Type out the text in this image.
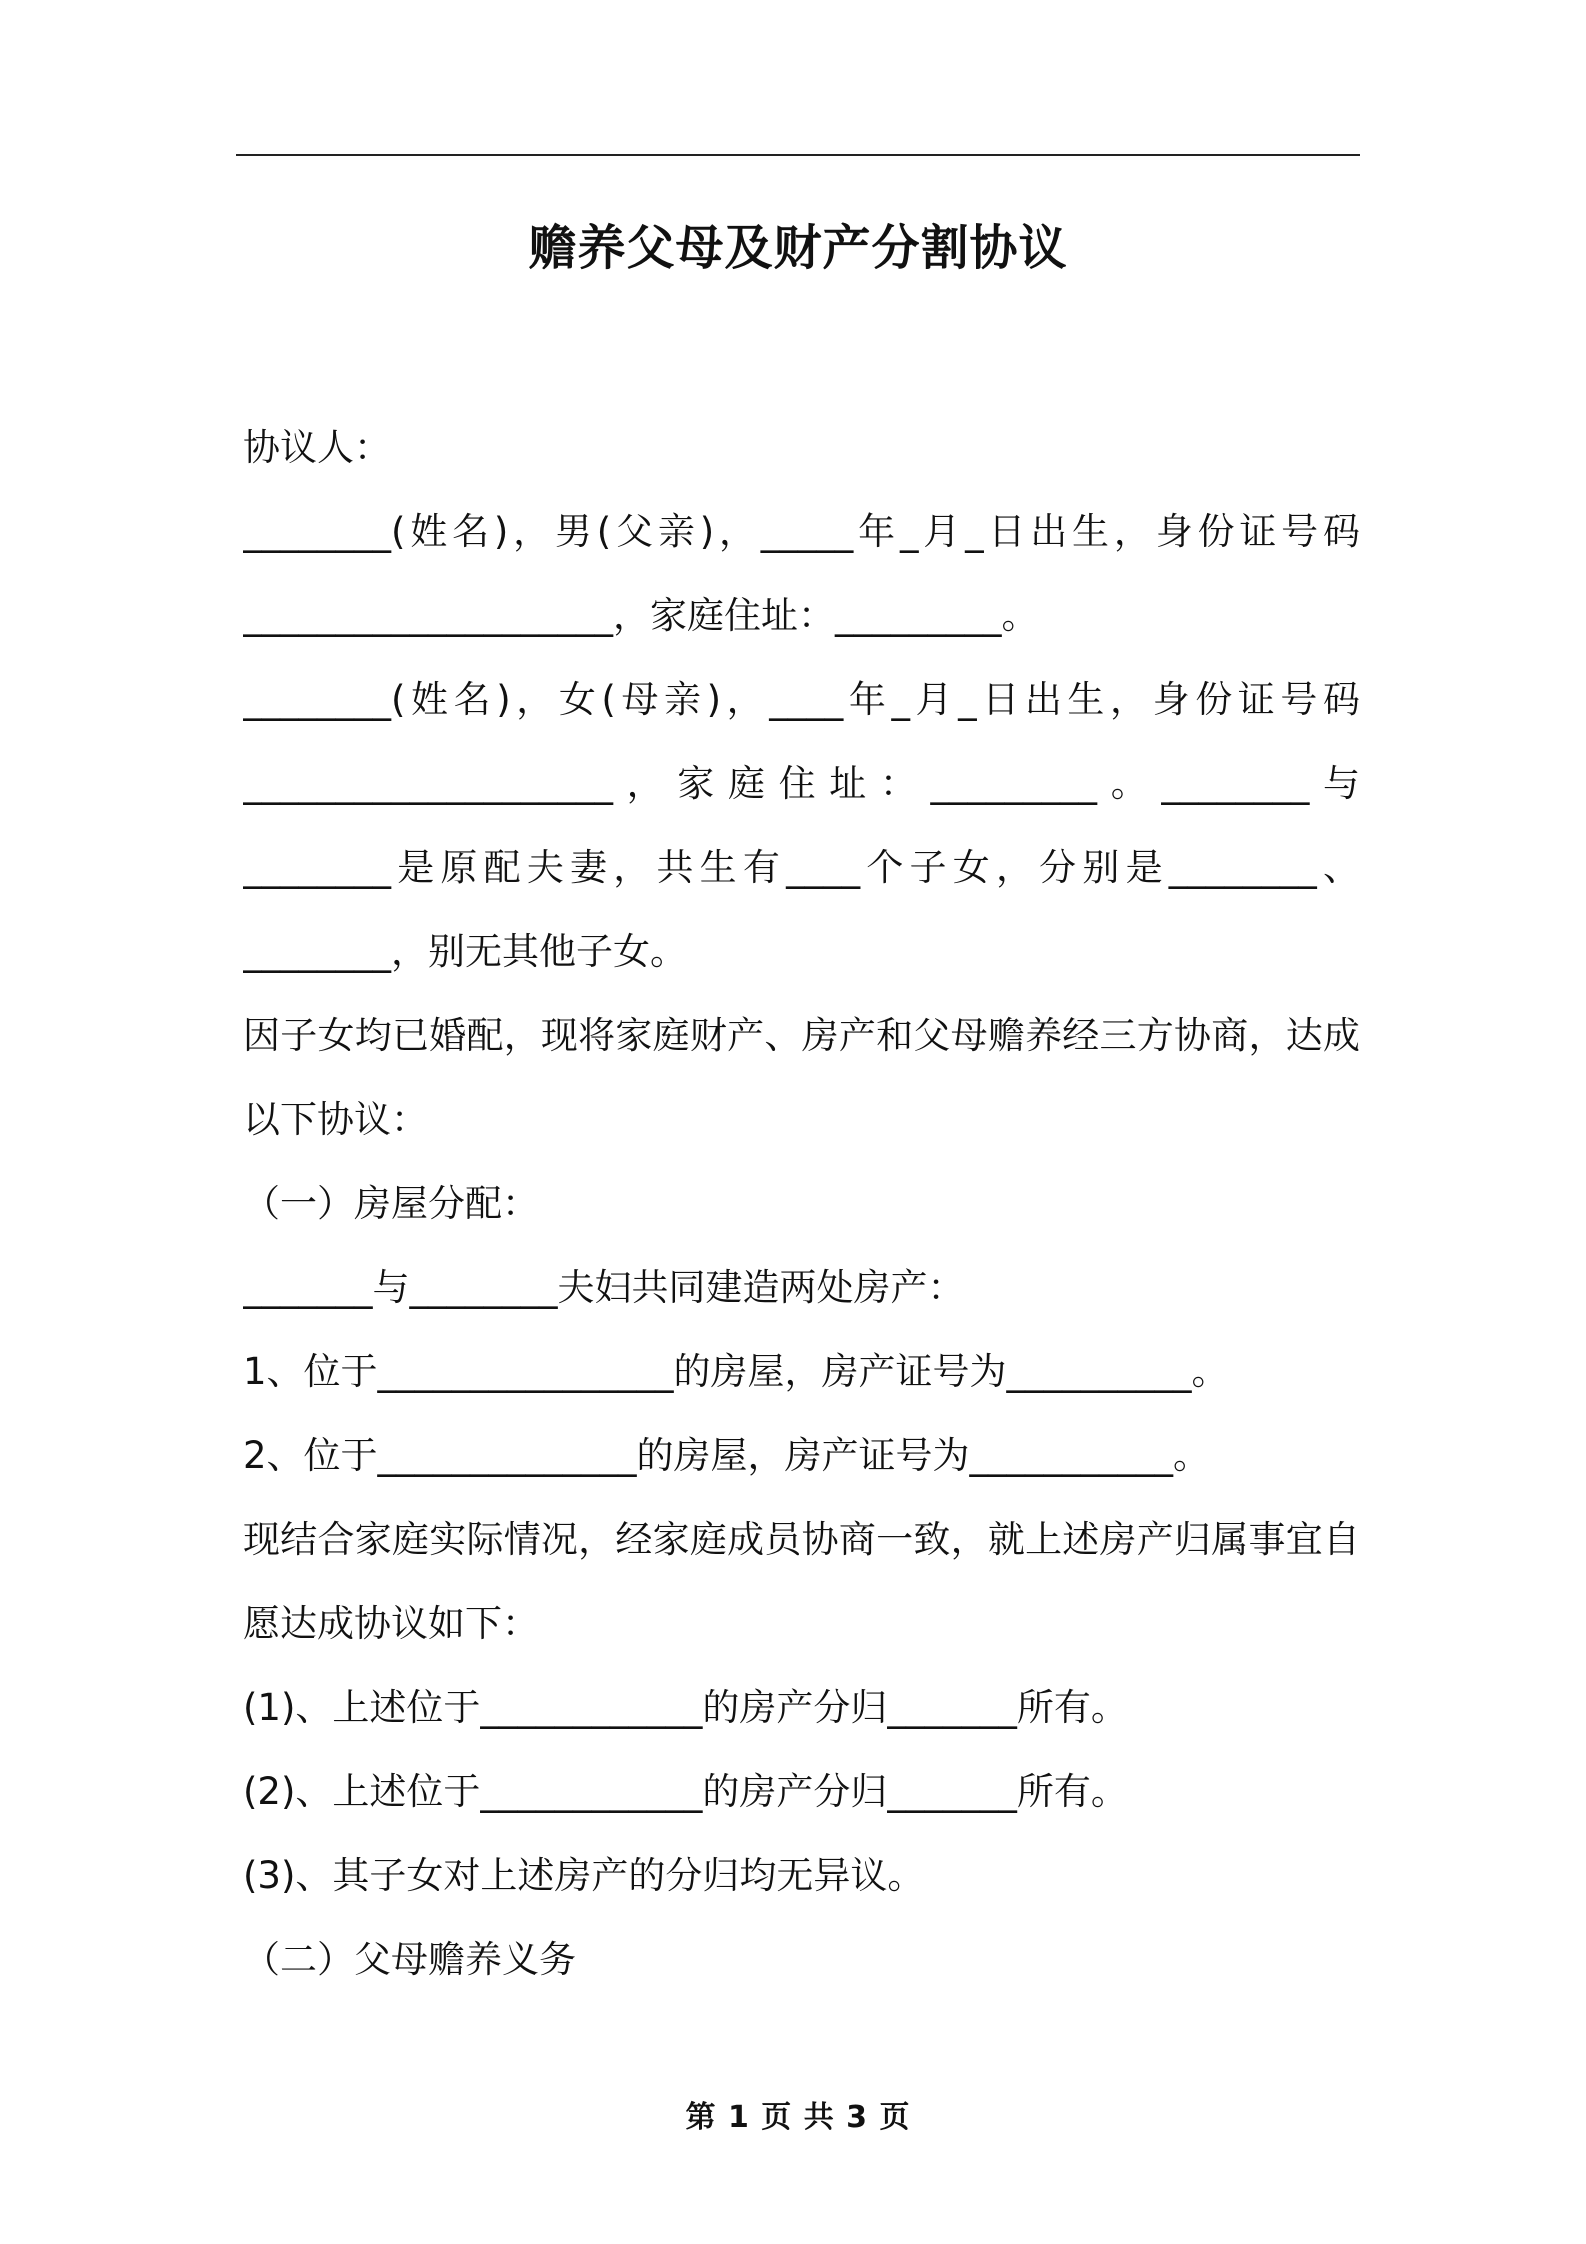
赡养父母及财产分割协议
协议人：
________(姓名)，男(父亲)，_____年_月_日出生，身份证号码
____________________，家庭住址：_________。
________(姓名)，女(母亲)，____年_月_日出生，身份证号码
____________________，家庭住址：_________。________与
________是原配夫妻，共生有____个子女，分别是________、
________，别无其他子女。
因子女均已婚配，现将家庭财产、房产和父母赡养经三方协商，达成
以下协议：
（一）房屋分配：
_______与________夫妇共同建造两处房产：
1、位于________________的房屋，房产证号为__________。
2、位于______________的房屋，房产证号为___________。
现结合家庭实际情况，经家庭成员协商一致，就上述房产归属事宜自
愿达成协议如下：
(1)、上述位于____________的房产分归_______所有。
(2)、上述位于____________的房产分归_______所有。
(3)、其子女对上述房产的分归均无异议。
（二）父母赡养义务
第 1 页 共 3 页
